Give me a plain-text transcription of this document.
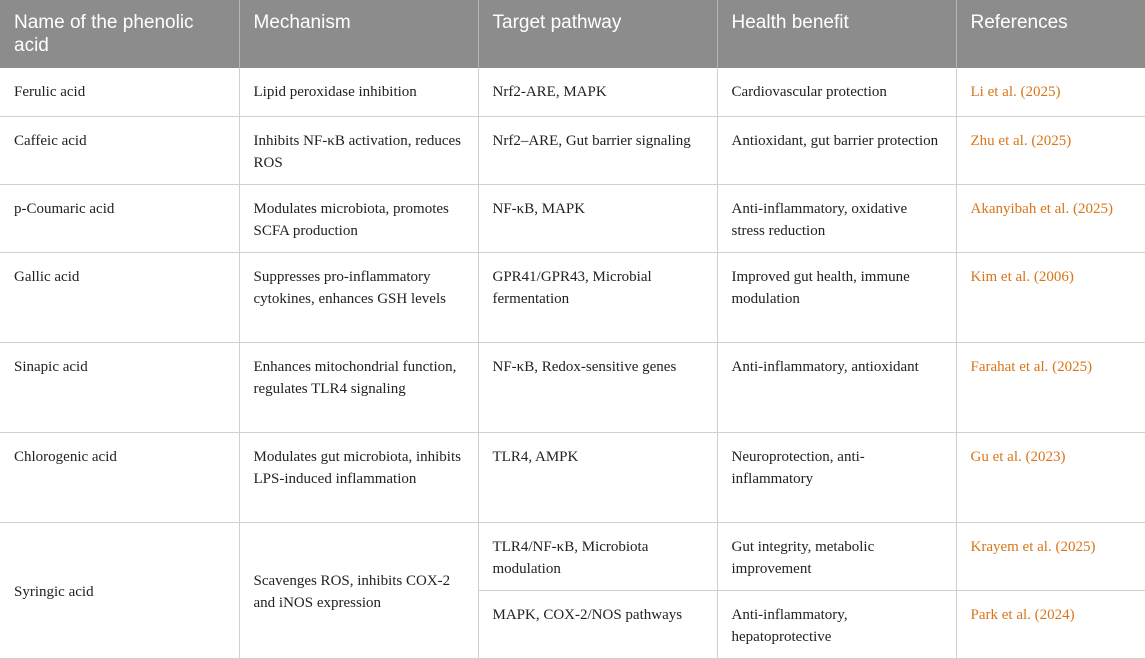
Name of the phenolic acid	Mechanism	Target pathway	Health benefit	References
Ferulic acid	Lipid peroxidase inhibition	Nrf2-ARE, MAPK	Cardiovascular protection	Li et al. (2025)
Caffeic acid	Inhibits NF-κB activation, reduces ROS	Nrf2–ARE, Gut barrier signaling	Antioxidant, gut barrier protection	Zhu et al. (2025)
p-Coumaric acid	Modulates microbiota, promotes SCFA production	NF-κB, MAPK	Anti-inflammatory, oxidative stress reduction	Akanyibah et al. (2025)
Gallic acid	Suppresses pro-inflammatory cytokines, enhances GSH levels	GPR41/GPR43, Microbial fermentation	Improved gut health, immune modulation	Kim et al. (2006)
Sinapic acid	Enhances mitochondrial function, regulates TLR4 signaling	NF-κB, Redox-sensitive genes	Anti-inflammatory, antioxidant	Farahat et al. (2025)
Chlorogenic acid	Modulates gut microbiota, inhibits LPS-induced inflammation	TLR4, AMPK	Neuroprotection, anti-inflammatory	Gu et al. (2023)
Syringic acid	Scavenges ROS, inhibits COX-2 and iNOS expression	TLR4/NF-κB, Microbiota modulation	Gut integrity, metabolic improvement	Krayem et al. (2025)
		MAPK, COX-2/NOS pathways	Anti-inflammatory, hepatoprotective	Park et al. (2024)
